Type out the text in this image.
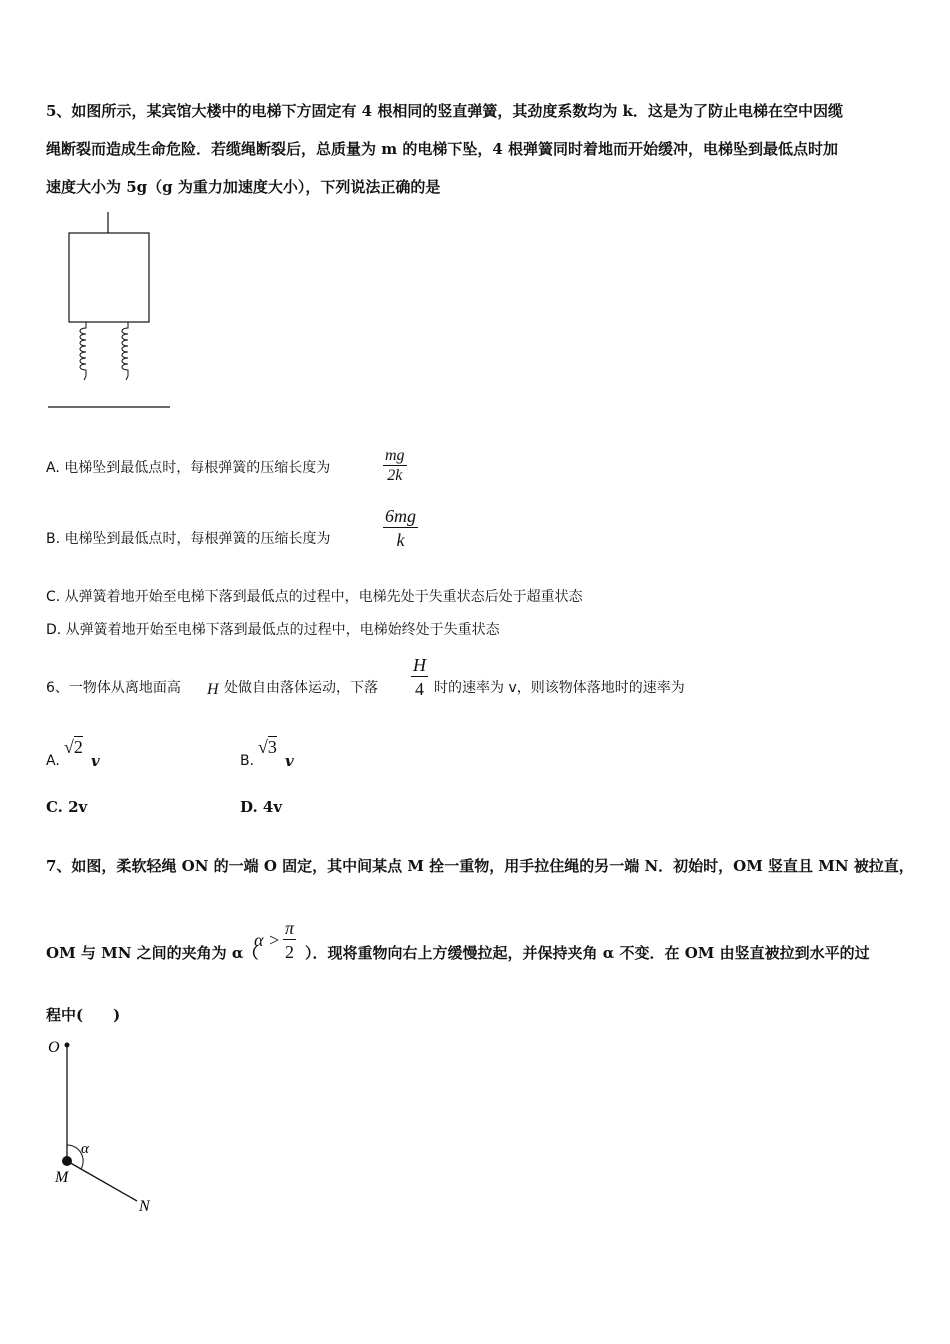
5、如图所示，某宾馆大楼中的电梯下方固定有 4 根相同的竖直弹簧，其劲度系数均为 k．这是为了防止电梯在空中因缆
绳断裂而造成生命危险．若缆绳断裂后，总质量为 m 的电梯下坠，4 根弹簧同时着地而开始缓冲，电梯坠到最低点时加
速度大小为 5g（g 为重力加速度大小），下列说法正确的是
A. 电梯坠到最低点时，每根弹簧的压缩长度为	$\frac{mg}{2k}$
B. 电梯坠到最低点时，每根弹簧的压缩长度为	$\frac{6mg}{k}$
C. 从弹簧着地开始至电梯下落到最低点的过程中，电梯先处于失重状态后处于超重状态
D. 从弹簧着地开始至电梯下落到最低点的过程中，电梯始终处于失重状态
6、一物体从离地面高 H 处做自由落体运动，下落 $\frac{H}{4}$ 时的速率为 v，则该物体落地时的速率为
A.
√2
v	B.
√3
v
C. 2v	D. 4v
7、如图，柔软轻绳 ON 的一端 O 固定，其中间某点 M 拴一重物，用手拉住绳的另一端 N．初始时，OM 竖直且 MN 被拉直，
OM 与 MN 之间的夹角为 α（
$\alpha > \frac{\pi}{2}$ ）．现将重物向右上方缓慢拉起，并保持夹角 α 不变．在 OM 由竖直被拉到水平的过
程中(　　)
O
M
N
α
